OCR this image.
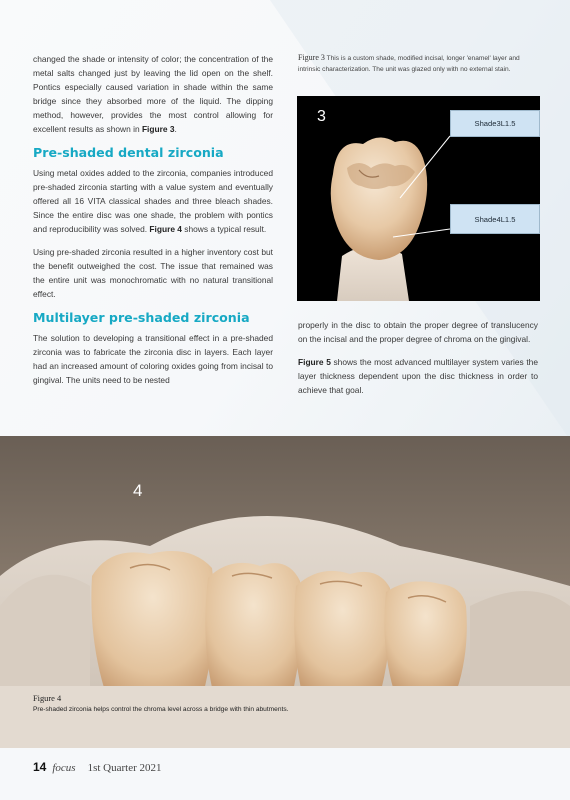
changed the shade or intensity of color; the concentration of the metal salts changed just by leaving the lid open on the shelf. Pontics especially caused variation in shade within the same bridge since they absorbed more of the liquid. The dipping method, however, provides the most control allowing for excellent results as shown in Figure 3.

Pre-shaded dental zirconia

Using metal oxides added to the zirconia, companies introduced pre-shaded zirconia starting with a value system and eventually offered all 16 VITA classical shades and three bleach shades. Since the entire disc was one shade, the problem with pontics and reproducibility was solved. Figure 4 shows a typical result.

Using pre-shaded zirconia resulted in a higher inventory cost but the benefit outweighed the cost. The issue that remained was the entire unit was monochromatic with no natural transitional effect.

Multilayer pre-shaded zirconia

The solution to developing a transitional effect in a pre-shaded zirconia was to fabricate the zirconia disc in layers. Each layer had an increased amount of coloring oxides going from incisal to gingival. The units need to be nested

Figure 3 This is a custom shade, modified incisal, longer 'enamel' layer and intrinsic characterization. The unit was glazed only with no external stain.
3	Shade3L1.5
Shade4L1.5

properly in the disc to obtain the proper degree of translucency on the incisal and the proper degree of chroma on the gingival.

Figure 5 shows the most advanced multilayer system varies the layer thickness dependent upon the disc thickness in order to achieve that goal.

4
Figure 4
Pre-shaded zirconia helps control the chroma level across a bridge with thin abutments.
14 focus 1st Quarter 2021
